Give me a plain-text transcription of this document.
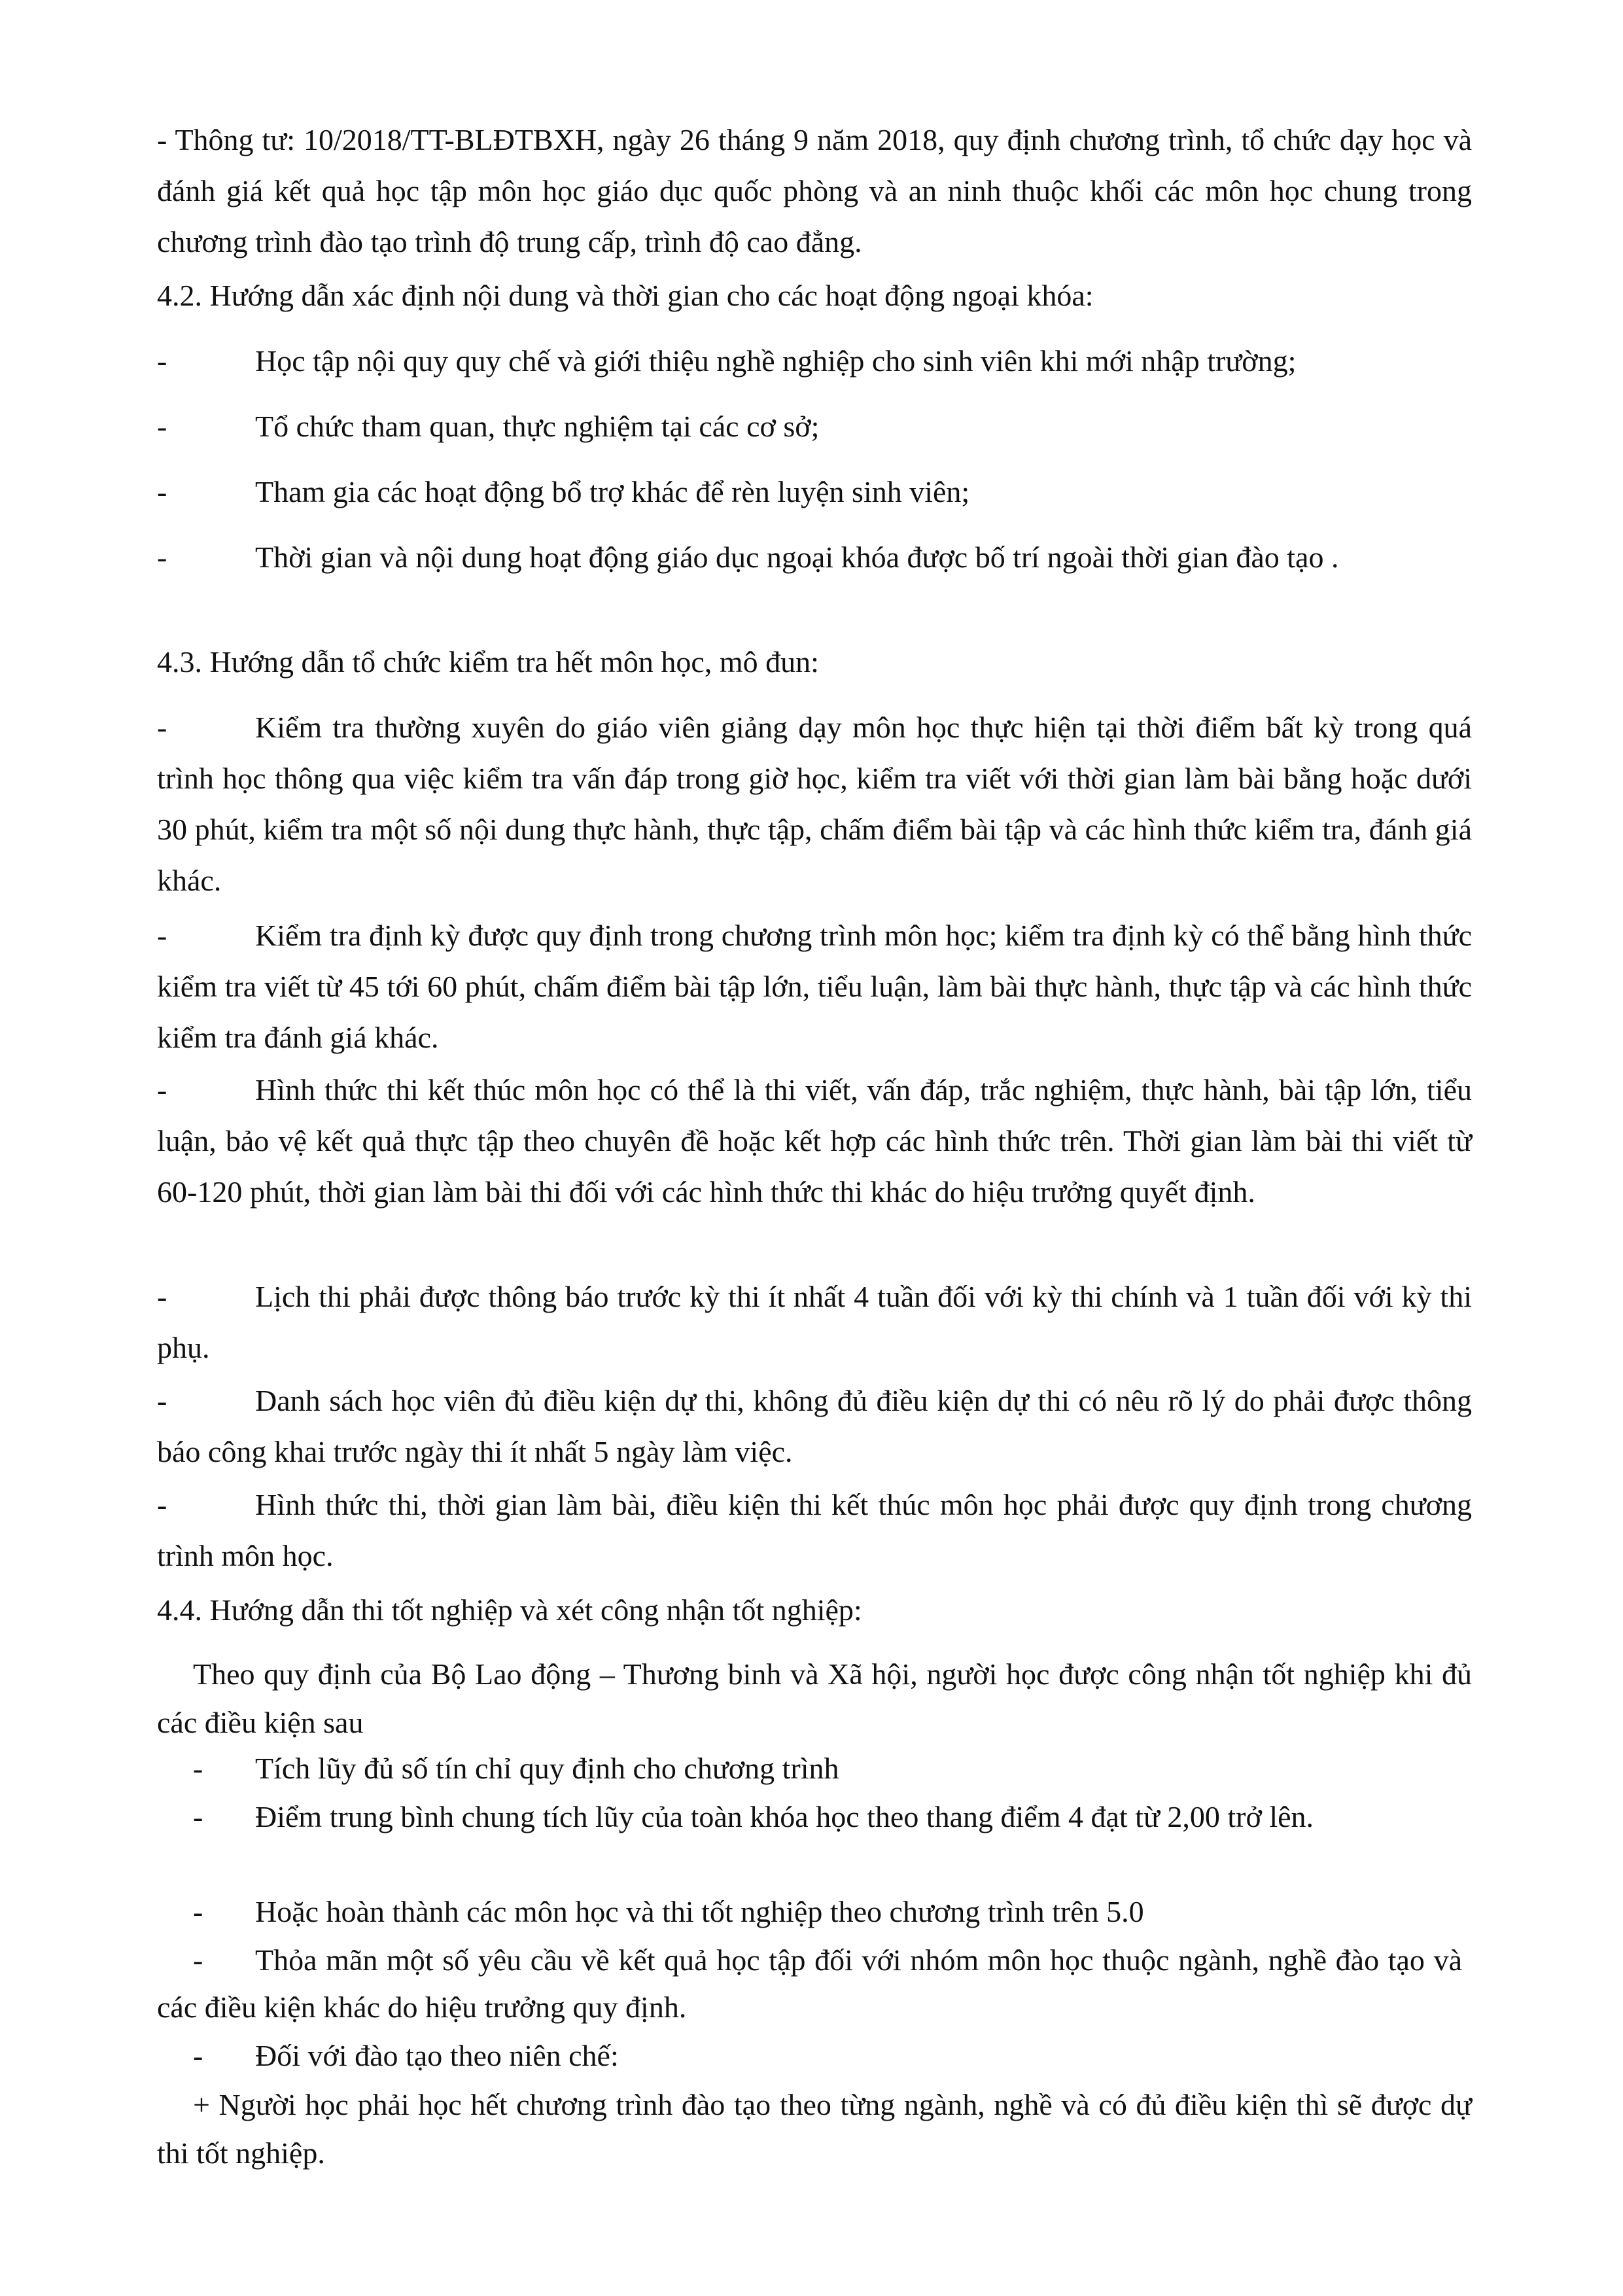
- Thông tư: 10/2018/TT-BLĐTBXH, ngày 26 tháng 9 năm 2018, quy định chương trình, tổ chức dạy học và đánh giá kết quả học tập môn học giáo dục quốc phòng và an ninh thuộc khối các môn học chung trong chương trình đào tạo trình độ trung cấp, trình độ cao đẳng.
4.2. Hướng dẫn xác định nội dung và thời gian cho các hoạt động ngoại khóa:
-	Học tập nội quy quy chế và giới thiệu nghề nghiệp cho sinh viên khi mới nhập trường;
-	Tổ chức tham quan, thực nghiệm tại các cơ sở;
-	Tham gia các hoạt động bổ trợ khác để rèn luyện sinh viên;
-	Thời gian và nội dung hoạt động giáo dục ngoại khóa được bố trí ngoài thời gian đào tạo .
4.3. Hướng dẫn tổ chức kiểm tra hết môn học, mô đun:
-	Kiểm tra thường xuyên do giáo viên giảng dạy môn học thực hiện tại thời điểm bất kỳ trong quá trình học thông qua việc kiểm tra vấn đáp trong giờ học, kiểm tra viết với thời gian làm bài bằng hoặc dưới 30 phút, kiểm tra một số nội dung thực hành, thực tập, chấm điểm bài tập và các hình thức kiểm tra, đánh giá khác.
-	Kiểm tra định kỳ được quy định trong chương trình môn học; kiểm tra định kỳ có thể bằng hình thức kiểm tra viết từ 45 tới 60 phút, chấm điểm bài tập lớn, tiểu luận, làm bài thực hành, thực tập và các hình thức kiểm tra đánh giá khác.
-	Hình thức thi kết thúc môn học có thể là thi viết, vấn đáp, trắc nghiệm, thực hành, bài tập lớn, tiểu luận, bảo vệ kết quả thực tập theo chuyên đề hoặc kết hợp các hình thức trên. Thời gian làm bài thi viết từ 60-120 phút, thời gian làm bài thi đối với các hình thức thi khác do hiệu trưởng quyết định.
-	Lịch thi phải được thông báo trước kỳ thi ít nhất 4 tuần đối với kỳ thi chính và 1 tuần đối với kỳ thi phụ.
-	Danh sách học viên đủ điều kiện dự thi, không đủ điều kiện dự thi có nêu rõ lý do phải được thông báo công khai trước ngày thi ít nhất 5 ngày làm việc.
-	Hình thức thi, thời gian làm bài, điều kiện thi kết thúc môn học phải được quy định trong chương trình môn học.
4.4. Hướng dẫn thi tốt nghiệp và xét công nhận tốt nghiệp:
Theo quy định của Bộ Lao động – Thương binh và Xã hội, người học được công nhận tốt nghiệp khi đủ các điều kiện sau
- Tích lũy đủ số tín chỉ quy định cho chương trình
-	Điểm trung bình chung tích lũy của toàn khóa học theo thang điểm 4 đạt từ 2,00 trở lên.
- Hoặc hoàn thành các môn học và thi tốt nghiệp theo chương trình trên 5.0
-	Thỏa mãn một số yêu cầu về kết quả học tập đối với nhóm môn học thuộc ngành, nghề đào tạo và các điều kiện khác do hiệu trưởng quy định.
- Đối với đào tạo theo niên chế:
+ Người học phải học hết chương trình đào tạo theo từng ngành, nghề và có đủ điều kiện thì sẽ được dự thi tốt nghiệp.
